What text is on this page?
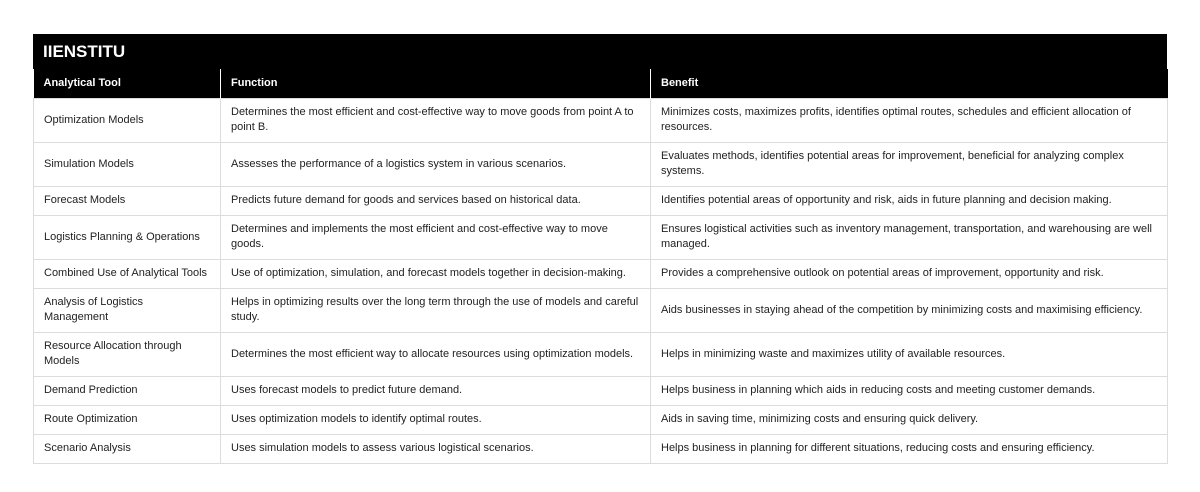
IIENSTITU
Analytical Tool	Function	Benefit
Optimization Models	Determines the most efficient and cost-effective way to move goods from point A to point B.	Minimizes costs, maximizes profits, identifies optimal routes, schedules and efficient allocation of resources.
Simulation Models	Assesses the performance of a logistics system in various scenarios.	Evaluates methods, identifies potential areas for improvement, beneficial for analyzing complex systems.
Forecast Models	Predicts future demand for goods and services based on historical data.	Identifies potential areas of opportunity and risk, aids in future planning and decision making.
Logistics Planning & Operations	Determines and implements the most efficient and cost-effective way to move goods.	Ensures logistical activities such as inventory management, transportation, and warehousing are well managed.
Combined Use of Analytical Tools	Use of optimization, simulation, and forecast models together in decision-making.	Provides a comprehensive outlook on potential areas of improvement, opportunity and risk.
Analysis of Logistics Management	Helps in optimizing results over the long term through the use of models and careful study.	Aids businesses in staying ahead of the competition by minimizing costs and maximising efficiency.
Resource Allocation through Models	Determines the most efficient way to allocate resources using optimization models.	Helps in minimizing waste and maximizes utility of available resources.
Demand Prediction	Uses forecast models to predict future demand.	Helps business in planning which aids in reducing costs and meeting customer demands.
Route Optimization	Uses optimization models to identify optimal routes.	Aids in saving time, minimizing costs and ensuring quick delivery.
Scenario Analysis	Uses simulation models to assess various logistical scenarios.	Helps business in planning for different situations, reducing costs and ensuring efficiency.
